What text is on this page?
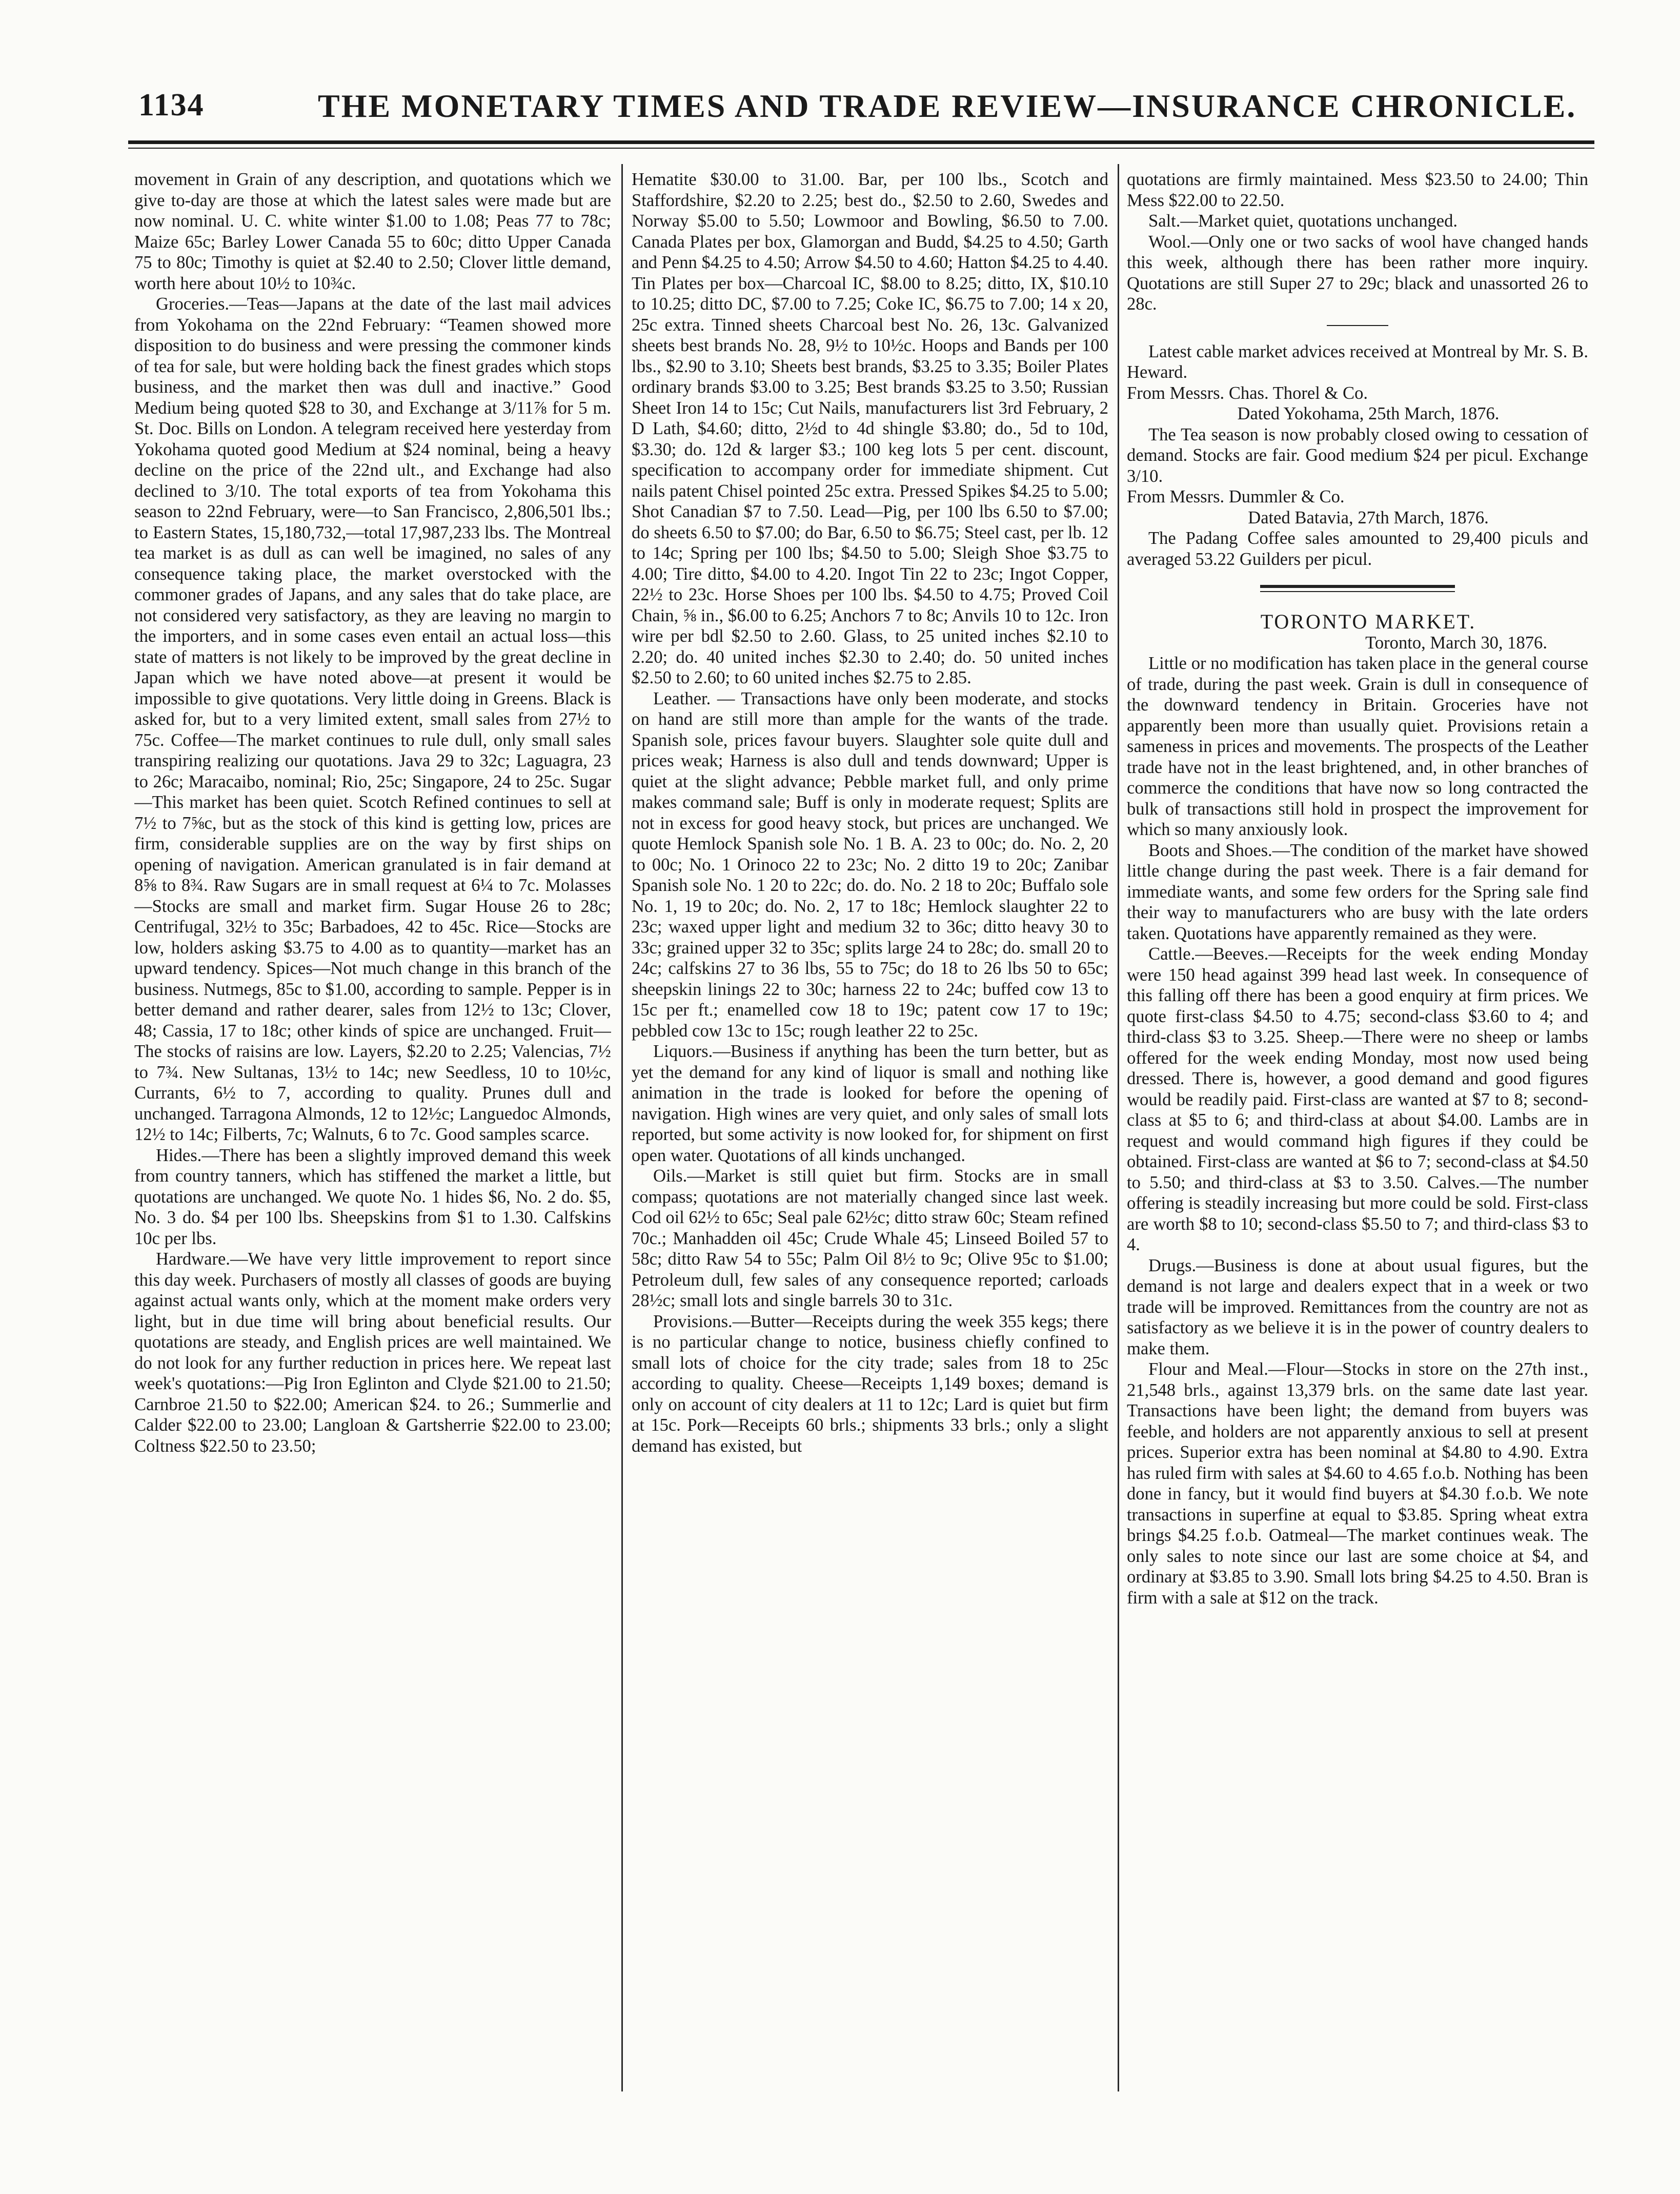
1134	THE MONETARY TIMES AND TRADE REVIEW—INSURANCE CHRONICLE.

movement in Grain of any description, and quotations which we give to-day are those at which the latest sales were made but are now nominal. U. C. white winter $1.00 to 1.08; Peas 77 to 78c; Maize 65c; Barley Lower Canada 55 to 60c; ditto Upper Canada 75 to 80c; Timothy is quiet at $2.40 to 2.50; Clover little demand, worth here about 10½ to 10¾c.

Groceries.—Teas—Japans at the date of the last mail advices from Yokohama on the 22nd February: “Teamen showed more disposition to do business and were pressing the commoner kinds of tea for sale, but were holding back the finest grades which stops business, and the market then was dull and inactive.” Good Medium being quoted $28 to 30, and Exchange at 3/11⅞ for 5 m. St. Doc. Bills on London. A telegram received here yesterday from Yokohama quoted good Medium at $24 nominal, being a heavy decline on the price of the 22nd ult., and Exchange had also declined to 3/10. The total exports of tea from Yokohama this season to 22nd February, were—to San Francisco, 2,806,501 lbs.; to Eastern States, 15,180,732,—total 17,987,233 lbs. The Montreal tea market is as dull as can well be imagined, no sales of any consequence taking place, the market overstocked with the commoner grades of Japans, and any sales that do take place, are not considered very satisfactory, as they are leaving no margin to the importers, and in some cases even entail an actual loss—this state of matters is not likely to be improved by the great decline in Japan which we have noted above—at present it would be impossible to give quotations. Very little doing in Greens. Black is asked for, but to a very limited extent, small sales from 27½ to 75c. Coffee—The market continues to rule dull, only small sales transpiring realizing our quotations. Java 29 to 32c; Laguagra, 23 to 26c; Maracaibo, nominal; Rio, 25c; Singapore, 24 to 25c. Sugar—This market has been quiet. Scotch Refined continues to sell at 7½ to 7⅝c, but as the stock of this kind is getting low, prices are firm, considerable supplies are on the way by first ships on opening of navigation. American granulated is in fair demand at 8⅝ to 8¾. Raw Sugars are in small request at 6¼ to 7c. Molasses—Stocks are small and market firm. Sugar House 26 to 28c; Centrifugal, 32½ to 35c; Barbadoes, 42 to 45c. Rice—Stocks are low, holders asking $3.75 to 4.00 as to quantity—market has an upward tendency. Spices—Not much change in this branch of the business. Nutmegs, 85c to $1.00, according to sample. Pepper is in better demand and rather dearer, sales from 12½ to 13c; Clover, 48; Cassia, 17 to 18c; other kinds of spice are unchanged. Fruit—The stocks of raisins are low. Layers, $2.20 to 2.25; Valencias, 7½ to 7¾. New Sultanas, 13½ to 14c; new Seedless, 10 to 10½c, Currants, 6½ to 7, according to quality. Prunes dull and unchanged. Tarragona Almonds, 12 to 12½c; Languedoc Almonds, 12½ to 14c; Filberts, 7c; Walnuts, 6 to 7c. Good samples scarce.

Hides.—There has been a slightly improved demand this week from country tanners, which has stiffened the market a little, but quotations are unchanged. We quote No. 1 hides $6, No. 2 do. $5, No. 3 do. $4 per 100 lbs. Sheepskins from $1 to 1.30. Calfskins 10c per lbs.

Hardware.—We have very little improvement to report since this day week. Purchasers of mostly all classes of goods are buying against actual wants only, which at the moment make orders very light, but in due time will bring about beneficial results. Our quotations are steady, and English prices are well maintained. We do not look for any further reduction in prices here. We repeat last week's quotations:—Pig Iron Eglinton and Clyde $21.00 to 21.50; Carnbroe 21.50 to $22.00; American $24. to 26.; Summerlie and Calder $22.00 to 23.00; Langloan & Gartsherrie $22.00 to 23.00; Coltness $22.50 to 23.50;

Hematite $30.00 to 31.00. Bar, per 100 lbs., Scotch and Staffordshire, $2.20 to 2.25; best do., $2.50 to 2.60, Swedes and Norway $5.00 to 5.50; Lowmoor and Bowling, $6.50 to 7.00. Canada Plates per box, Glamorgan and Budd, $4.25 to 4.50; Garth and Penn $4.25 to 4.50; Arrow $4.50 to 4.60; Hatton $4.25 to 4.40. Tin Plates per box—Charcoal IC, $8.00 to 8.25; ditto, IX, $10.10 to 10.25; ditto DC, $7.00 to 7.25; Coke IC, $6.75 to 7.00; 14 x 20, 25c extra. Tinned sheets Charcoal best No. 26, 13c. Galvanized sheets best brands No. 28, 9½ to 10½c. Hoops and Bands per 100 lbs., $2.90 to 3.10; Sheets best brands, $3.25 to 3.35; Boiler Plates ordinary brands $3.00 to 3.25; Best brands $3.25 to 3.50; Russian Sheet Iron 14 to 15c; Cut Nails, manufacturers list 3rd February, 2 D Lath, $4.60; ditto, 2½d to 4d shingle $3.80; do., 5d to 10d, $3.30; do. 12d & larger $3.; 100 keg lots 5 per cent. discount, specification to accompany order for immediate shipment. Cut nails patent Chisel pointed 25c extra. Pressed Spikes $4.25 to 5.00; Shot Canadian $7 to 7.50. Lead—Pig, per 100 lbs 6.50 to $7.00; do sheets 6.50 to $7.00; do Bar, 6.50 to $6.75; Steel cast, per lb. 12 to 14c; Spring per 100 lbs; $4.50 to 5.00; Sleigh Shoe $3.75 to 4.00; Tire ditto, $4.00 to 4.20. Ingot Tin 22 to 23c; Ingot Copper, 22½ to 23c. Horse Shoes per 100 lbs. $4.50 to 4.75; Proved Coil Chain, ⅝ in., $6.00 to 6.25; Anchors 7 to 8c; Anvils 10 to 12c. Iron wire per bdl $2.50 to 2.60. Glass, to 25 united inches $2.10 to 2.20; do. 40 united inches $2.30 to 2.40; do. 50 united inches $2.50 to 2.60; to 60 united inches $2.75 to 2.85.

Leather. — Transactions have only been moderate, and stocks on hand are still more than ample for the wants of the trade. Spanish sole, prices favour buyers. Slaughter sole quite dull and prices weak; Harness is also dull and tends downward; Upper is quiet at the slight advance; Pebble market full, and only prime makes command sale; Buff is only in moderate request; Splits are not in excess for good heavy stock, but prices are unchanged. We quote Hemlock Spanish sole No. 1 B. A. 23 to 00c; do. No. 2, 20 to 00c; No. 1 Orinoco 22 to 23c; No. 2 ditto 19 to 20c; Zanibar Spanish sole No. 1 20 to 22c; do. do. No. 2 18 to 20c; Buffalo sole No. 1, 19 to 20c; do. No. 2, 17 to 18c; Hemlock slaughter 22 to 23c; waxed upper light and medium 32 to 36c; ditto heavy 30 to 33c; grained upper 32 to 35c; splits large 24 to 28c; do. small 20 to 24c; calfskins 27 to 36 lbs, 55 to 75c; do 18 to 26 lbs 50 to 65c; sheepskin linings 22 to 30c; harness 22 to 24c; buffed cow 13 to 15c per ft.; enamelled cow 18 to 19c; patent cow 17 to 19c; pebbled cow 13c to 15c; rough leather 22 to 25c.

Liquors.—Business if anything has been the turn better, but as yet the demand for any kind of liquor is small and nothing like animation in the trade is looked for before the opening of navigation. High wines are very quiet, and only sales of small lots reported, but some activity is now looked for, for shipment on first open water. Quotations of all kinds unchanged.

Oils.—Market is still quiet but firm. Stocks are in small compass; quotations are not materially changed since last week. Cod oil 62½ to 65c; Seal pale 62½c; ditto straw 60c; Steam refined 70c.; Manhadden oil 45c; Crude Whale 45; Linseed Boiled 57 to 58c; ditto Raw 54 to 55c; Palm Oil 8½ to 9c; Olive 95c to $1.00; Petroleum dull, few sales of any consequence reported; carloads 28½c; small lots and single barrels 30 to 31c.

Provisions.—Butter—Receipts during the week 355 kegs; there is no particular change to notice, business chiefly confined to small lots of choice for the city trade; sales from 18 to 25c according to quality. Cheese—Receipts 1,149 boxes; demand is only on account of city dealers at 11 to 12c; Lard is quiet but firm at 15c. Pork—Receipts 60 brls.; shipments 33 brls.; only a slight demand has existed, but

quotations are firmly maintained. Mess $23.50 to 24.00; Thin Mess $22.00 to 22.50.

Salt.—Market quiet, quotations unchanged.

Wool.—Only one or two sacks of wool have changed hands this week, although there has been rather more inquiry. Quotations are still Super 27 to 29c; black and unassorted 26 to 28c.

Latest cable market advices received at Montreal by Mr. S. B. Heward.

From Messrs. Chas. Thorel & Co.

Dated Yokohama, 25th March, 1876.

The Tea season is now probably closed owing to cessation of demand. Stocks are fair. Good medium $24 per picul. Exchange 3/10.

From Messrs. Dummler & Co.

Dated Batavia, 27th March, 1876.

The Padang Coffee sales amounted to 29,400 piculs and averaged 53.22 Guilders per picul.

TORONTO MARKET.

Toronto, March 30, 1876.

Little or no modification has taken place in the general course of trade, during the past week. Grain is dull in consequence of the downward tendency in Britain. Groceries have not apparently been more than usually quiet. Provisions retain a sameness in prices and movements. The prospects of the Leather trade have not in the least brightened, and, in other branches of commerce the conditions that have now so long contracted the bulk of transactions still hold in prospect the improvement for which so many anxiously look.

Boots and Shoes.—The condition of the market have showed little change during the past week. There is a fair demand for immediate wants, and some few orders for the Spring sale find their way to manufacturers who are busy with the late orders taken. Quotations have apparently remained as they were.

Cattle.—Beeves.—Receipts for the week ending Monday were 150 head against 399 head last week. In consequence of this falling off there has been a good enquiry at firm prices. We quote first-class $4.50 to 4.75; second-class $3.60 to 4; and third-class $3 to 3.25. Sheep.—There were no sheep or lambs offered for the week ending Monday, most now used being dressed. There is, however, a good demand and good figures would be readily paid. First-class are wanted at $7 to 8; second-class at $5 to 6; and third-class at about $4.00. Lambs are in request and would command high figures if they could be obtained. First-class are wanted at $6 to 7; second-class at $4.50 to 5.50; and third-class at $3 to 3.50. Calves.—The number offering is steadily increasing but more could be sold. First-class are worth $8 to 10; second-class $5.50 to 7; and third-class $3 to 4.

Drugs.—Business is done at about usual figures, but the demand is not large and dealers expect that in a week or two trade will be improved. Remittances from the country are not as satisfactory as we believe it is in the power of country dealers to make them.

Flour and Meal.—Flour—Stocks in store on the 27th inst., 21,548 brls., against 13,379 brls. on the same date last year. Transactions have been light; the demand from buyers was feeble, and holders are not apparently anxious to sell at present prices. Superior extra has been nominal at $4.80 to 4.90. Extra has ruled firm with sales at $4.60 to 4.65 f.o.b. Nothing has been done in fancy, but it would find buyers at $4.30 f.o.b. We note transactions in superfine at equal to $3.85. Spring wheat extra brings $4.25 f.o.b. Oatmeal—The market continues weak. The only sales to note since our last are some choice at $4, and ordinary at $3.85 to 3.90. Small lots bring $4.25 to 4.50. Bran is firm with a sale at $12 on the track.
